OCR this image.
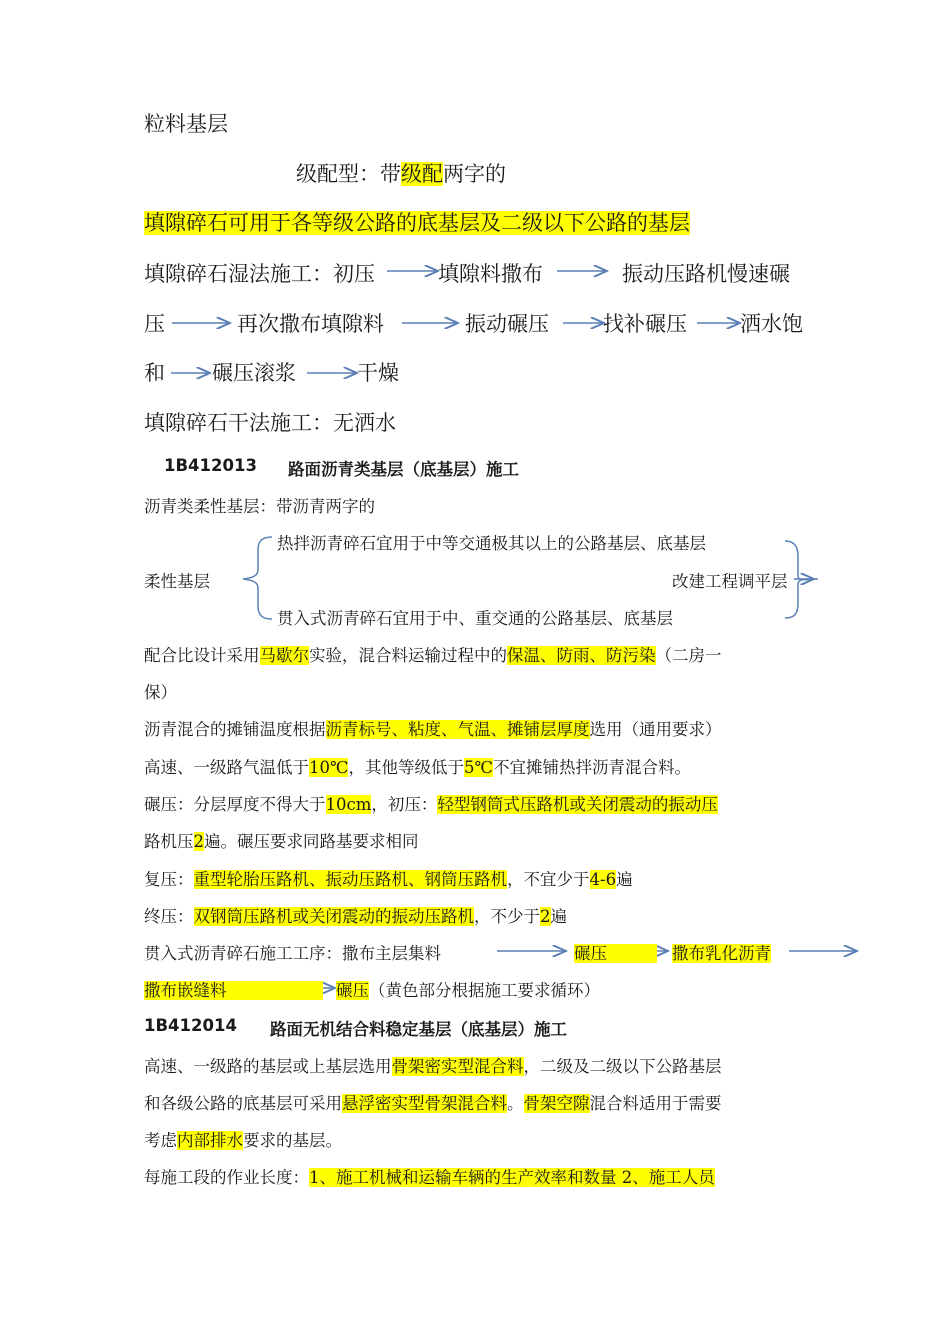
粒料基层
级配型：带级配两字的
填隙碎石可用于各等级公路的底基层及二级以下公路的基层
填隙碎石湿法施工：初压	填隙料撒布	振动压路机慢速碾
压	再次撒布填隙料	振动碾压	找补碾压	洒水饱
和 碾压滚浆	干燥
填隙碎石干法施工：无洒水
1B412013 路面沥青类基层（底基层）施工
沥青类柔性基层：带沥青两字的
热拌沥青碎石宜用于中等交通极其以上的公路基层、底基层
柔性基层	改建工程调平层
贯入式沥青碎石宜用于中、重交通的公路基层、底基层
配合比设计采用马歇尔实验，混合料运输过程中的保温、防雨、防污染（二房一
保）
沥青混合的摊铺温度根据沥青标号、粘度、气温、摊铺层厚度选用（通用要求）
高速、一级路气温低于10℃，其他等级低于5℃不宜摊铺热拌沥青混合料。
碾压：分层厚度不得大于10cm，初压：轻型钢筒式压路机或关闭震动的振动压
路机压2遍。碾压要求同路基要求相同
复压：重型轮胎压路机、振动压路机、钢筒压路机，不宜少于4-6遍
终压：双钢筒压路机或关闭震动的振动压路机，不少于2遍
贯入式沥青碎石施工工序：撒布主层集料	碾压	撒布乳化沥青
撒布嵌缝料	碾压（黄色部分根据施工要求循环）
1B412014 路面无机结合料稳定基层（底基层）施工
高速、一级路的基层或上基层选用骨架密实型混合料，二级及二级以下公路基层
和各级公路的底基层可采用悬浮密实型骨架混合料。骨架空隙混合料适用于需要
考虑内部排水要求的基层。
每施工段的作业长度：1、施工机械和运输车辆的生产效率和数量 2、施工人员
